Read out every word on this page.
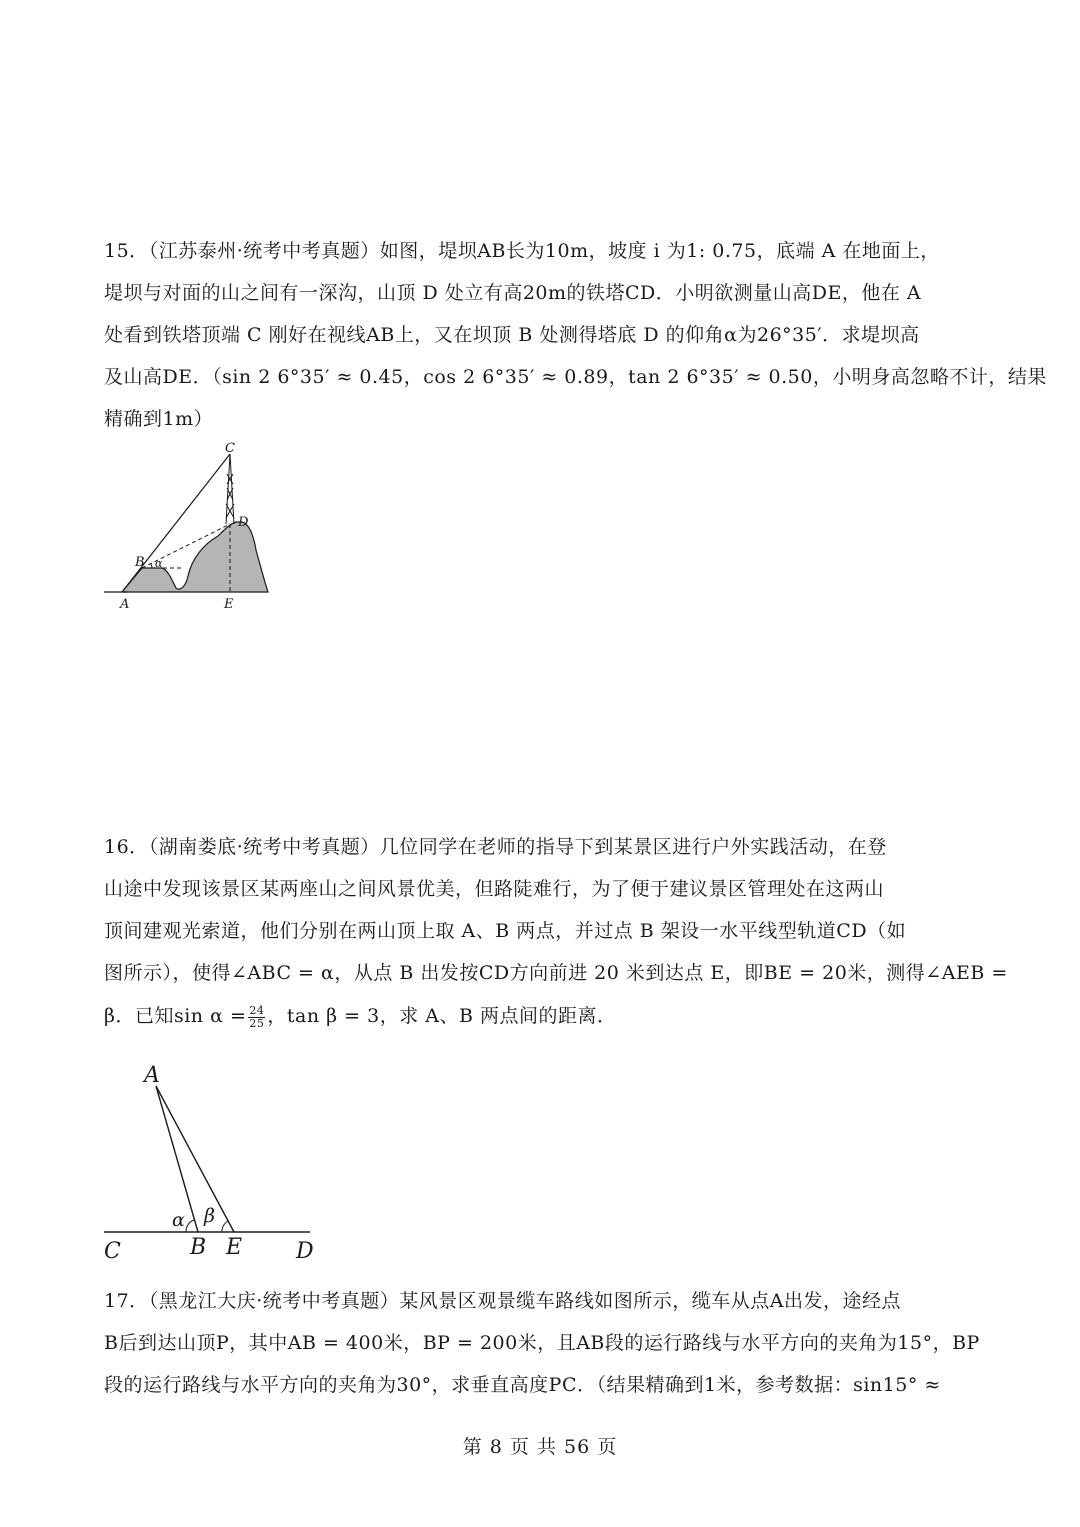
15．（江苏泰州·统考中考真题）如图，堤坝AB长为10m，坡度 i 为1: 0.75，底端 A 在地面上，
堤坝与对面的山之间有一深沟，山顶 D 处立有高20m的铁塔CD．小明欲测量山高DE，他在 A
处看到铁塔顶端 C 刚好在视线AB上，又在坝顶 B 处测得塔底 D 的仰角α为26°35′．求堤坝高
及山高DE．（sin 2 6°35′ ≈ 0.45，cos 2 6°35′ ≈ 0.89，tan 2 6°35′ ≈ 0.50，小明身高忽略不计，结果
精确到1m）
C
D
B α
A	E
16．（湖南娄底·统考中考真题）几位同学在老师的指导下到某景区进行户外实践活动，在登
山途中发现该景区某两座山之间风景优美，但路陡难行，为了便于建议景区管理处在这两山
顶间建观光索道，他们分别在两山顶上取 A、B 两点，并过点 B 架设一水平线型轨道CD（如
图所示），使得∠ABC = α，从点 B 出发按CD方向前进 20 米到达点 E，即BE = 20米，测得∠AEB =
β．已知$\sin \alpha = \frac{24}{25}$ ，tan β = 3，求 A、B 两点间的距离．
A
α β
C	B E D
17．（黑龙江大庆·统考中考真题）某风景区观景缆车路线如图所示，缆车从点A出发，途经点
B后到达山顶P，其中AB = 400米，BP = 200米，且AB段的运行路线与水平方向的夹角为15°，BP
段的运行路线与水平方向的夹角为30°，求垂直高度PC．（结果精确到1米，参考数据：sin15° ≈
第 8 页 共 56 页
